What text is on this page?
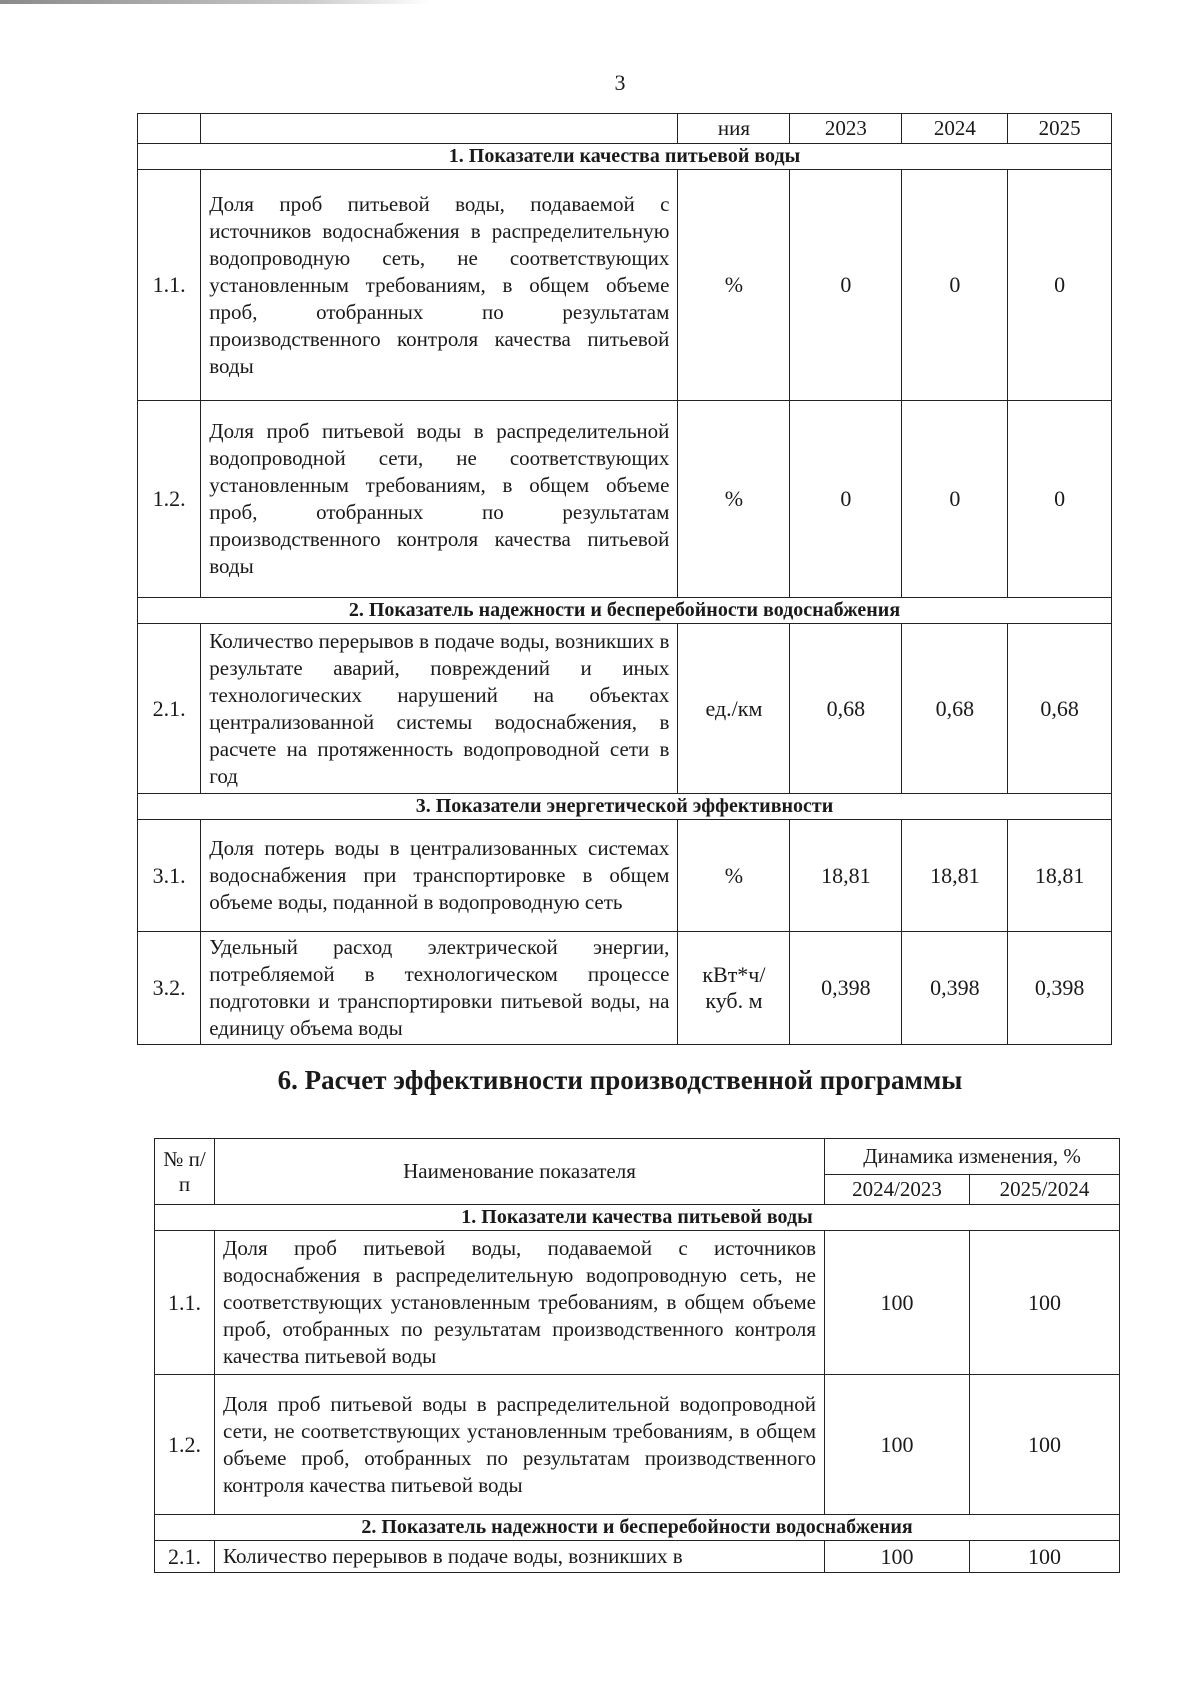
3
		ния	2023	2024	2025
1. Показатели качества питьевой воды					
1.1.	Доля проб питьевой воды, подаваемой с источников водоснабжения в распределительную водопроводную сеть, не соответствующих установленным требованиям, в общем объеме проб, отобранных по результатам производственного контроля качества питьевой воды	%	0	0	0
1.2.	Доля проб питьевой воды в распределительной водопроводной сети, не соответствующих установленным требованиям, в общем объеме проб, отобранных по результатам производственного контроля качества питьевой воды	%	0	0	0
2. Показатель надежности и бесперебойности водоснабжения					
2.1.	Количество перерывов в подаче воды, возникших в результате аварий, повреждений и иных технологических нарушений на объектах централизованной системы водоснабжения, в расчете на протяженность водопроводной сети в год	ед./км	0,68	0,68	0,68
3. Показатели энергетической эффективности					
3.1.	Доля потерь воды в централизованных системах водоснабжения при транспортировке в общем объеме воды, поданной в водопроводную сеть	%	18,81	18,81	18,81
3.2.	Удельный расход электрической энергии, потребляемой в технологическом процессе подготовки и транспортировки питьевой воды, на единицу объема воды	кВт*ч/ куб. м	0,398	0,398	0,398
6. Расчет эффективности производственной программы
№ п/п	Наименование показателя	Динамика изменения, %	
		2024/2023	2025/2024
1. Показатели качества питьевой воды			
1.1.	Доля проб питьевой воды, подаваемой с источников водоснабжения в распределительную водопроводную сеть, не соответствующих установленным требованиям, в общем объеме проб, отобранных по результатам производственного контроля качества питьевой воды	100	100
1.2.	Доля проб питьевой воды в распределительной водопроводной сети, не соответствующих установленным требованиям, в общем объеме проб, отобранных по результатам производственного контроля качества питьевой воды	100	100
2. Показатель надежности и бесперебойности водоснабжения			
2.1.	Количество перерывов в подаче воды, возникших в	100	100
